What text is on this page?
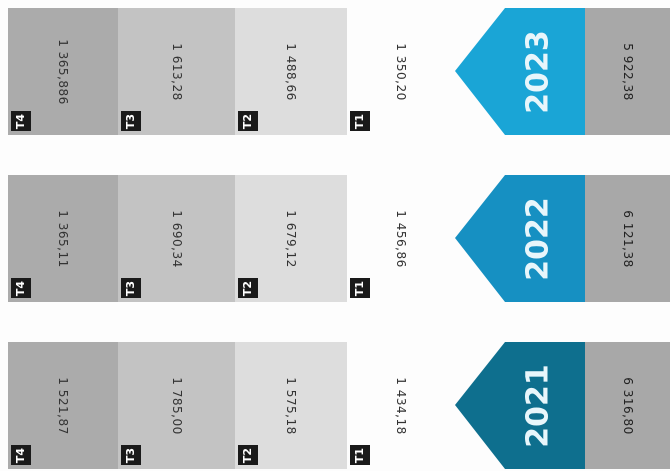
1 365,886
T4
1 613,28
T3
1 488,66
T2
1 350,20
T1
2023	5 922,38
1 365,11
T4
1 690,34
T3
1 679,12
T2
1 456,86
T1
2022	6 121,38
1 521,87
T4
1 785,00
T3
1 575,18
T2
1 434,18
T1
2021	6 316,80
